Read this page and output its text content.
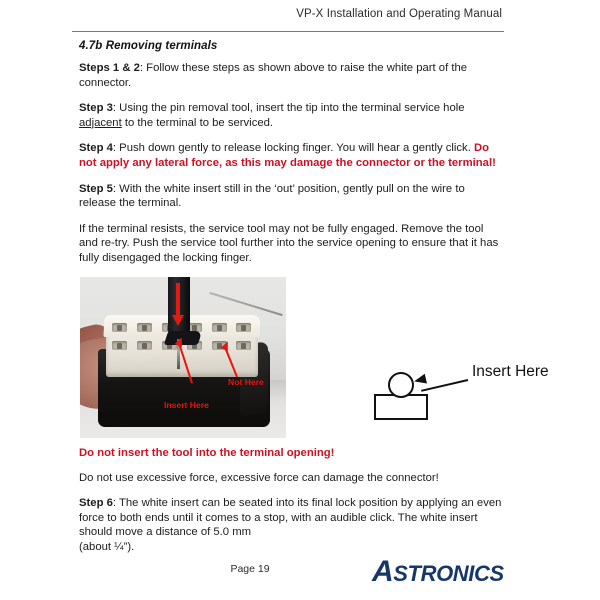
VP-X Installation and Operating Manual
4.7b Removing terminals

Steps 1 & 2: Follow these steps as shown above to raise the white part of the connector.

Step 3: Using the pin removal tool, insert the tip into the terminal service hole adjacent to the terminal to be serviced.

Step 4: Push down gently to release locking finger. You will hear a gently click. Do not apply any lateral force, as this may damage the connector or the terminal!

Step 5: With the white insert still in the ‘out’ position, gently pull on the wire to release the terminal.

If the terminal resists, the service tool may not be fully engaged. Remove the tool and re-try. Push the service tool further into the service opening to ensure that it has fully disengaged the locking finger.

Insert Here
Not Here
Insert Here

Do not insert the tool into the terminal opening!

Do not use excessive force, excessive force can damage the connector!

Step 6: The white insert can be seated into its final lock position by applying an even force to both ends until it comes to a stop, with an audible click. The white insert should move a distance of 5.0 mm
(about ¼”).

Page 19	ASTRONICS
